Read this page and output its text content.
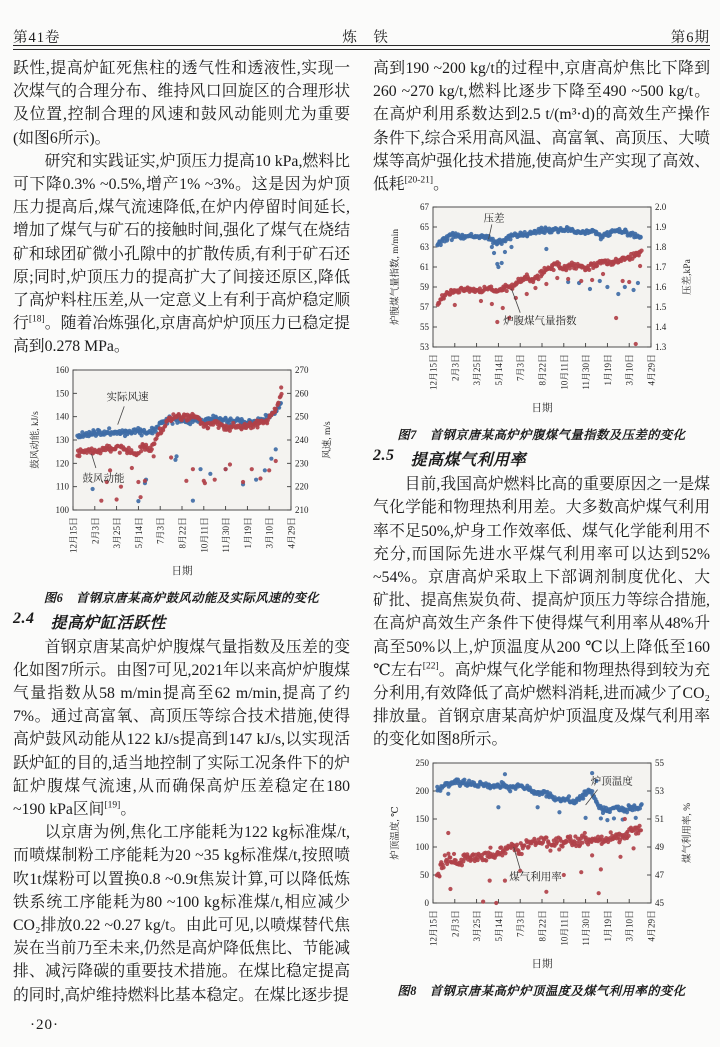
第41卷	炼　铁	第6期

跃性,提高炉缸死焦柱的透气性和透液性,实现一次煤气的合理分布、维持风口回旋区的合理形状及位置,控制合理的风速和鼓风动能则尤为重要(如图6所示)。

研究和实践证实,炉顶压力提高10 kPa,燃料比可下降0.3% ~0.5%,增产1% ~3%。这是因为炉顶压力提高后,煤气流速降低,在炉内停留时间延长,增加了煤气与矿石的接触时间,强化了煤气在烧结矿和球团矿微小孔隙中的扩散传质,有利于矿石还原;同时,炉顶压力的提高扩大了间接还原区,降低了高炉料柱压差,从一定意义上有利于高炉稳定顺行[18]。随着冶炼强化,京唐高炉炉顶压力已稳定提高到0.278 MPa。

100
110
120
130
140
150
160
210
220
230
240
250
260
270
12月15日 2月3日 3月25日 5月14日 7月3日 8月22日 10月11日 11月30日 1月19日 3月10日 4月29日
鼓风动能, kJ/s	风速, m/s
日期
实际风速
鼓风动能
图6　首钢京唐某高炉鼓风动能及实际风速的变化
2.4 提高炉缸活跃性

首钢京唐某高炉炉腹煤气量指数及压差的变化如图7所示。由图7可见,2021年以来高炉炉腹煤气量指数从58 m/min提高至62 m/min,提高了约7%。通过高富氧、高顶压等综合技术措施,使得高炉鼓风动能从122 kJ/s提高到147 kJ/s,以实现活跃炉缸的目的,适当地控制了实际工况条件下的炉缸炉腹煤气流速,从而确保高炉压差稳定在180 ~190 kPa区间[19]。

以京唐为例,焦化工序能耗为122 kg标准煤/t,而喷煤制粉工序能耗为20 ~35 kg标准煤/t,按照喷吹1t煤粉可以置换0.8 ~0.9t焦炭计算,可以降低炼铁系统工序能耗为80 ~100 kg标准煤/t,相应减少CO₂排放0.22 ~0.27 kg/t。由此可见,以喷煤替代焦炭在当前乃至未来,仍然是高炉降低焦比、节能减排、减污降碳的重要技术措施。在煤比稳定提高的同时,高炉维持燃料比基本稳定。在煤比逐步提

高到190 ~200 kg/t的过程中,京唐高炉焦比下降到260 ~270 kg/t,燃料比逐步下降至490 ~500 kg/t。在高炉利用系数达到2.5 t/(m³·d)的高效生产操作条件下,综合采用高风温、高富氧、高顶压、大喷煤等高炉强化技术措施,使高炉生产实现了高效、低耗[20-21]。

53
55
57
59
61
63
65
67
1.3
1.4
1.5
1.6
1.7
1.8
1.9
2.0
12月15日 2月3日 3月25日 5月14日 7月3日 8月22日 10月11日 11月30日 1月19日 3月10日 4月29日
炉腹煤气量指数, m/min	压差,kPa
日期
压差
炉腹煤气量指数
图7　首钢京唐某高炉炉腹煤气量指数及压差的变化
2.5 提高煤气利用率

目前,我国高炉燃料比高的重要原因之一是煤气化学能和物理热利用差。大多数高炉煤气利用率不足50%,炉身工作效率低、煤气化学能利用不充分,而国际先进水平煤气利用率可以达到52% ~54%。京唐高炉采取上下部调剂制度优化、大矿批、提高焦炭负荷、提高炉顶压力等综合措施,在高炉高效生产条件下使得煤气利用率从48%升高至50%以上,炉顶温度从200 ℃以上降低至160 ℃左右[22]。高炉煤气化学能和物理热得到较为充分利用,有效降低了高炉燃料消耗,进而减少了CO₂排放量。首钢京唐某高炉炉顶温度及煤气利用率的变化如图8所示。

0
50
100
150
200
250
45
47
49
51
53
55
12月15日 2月3日 3月25日 5月14日 7月3日 8月22日 10月11日 11月30日 1月19日 3月10日 4月29日
炉顶温度, ℃	煤气利用率, %
日期
炉顶温度
煤气利用率
图8　首钢京唐某高炉炉顶温度及煤气利用率的变化
·20·
